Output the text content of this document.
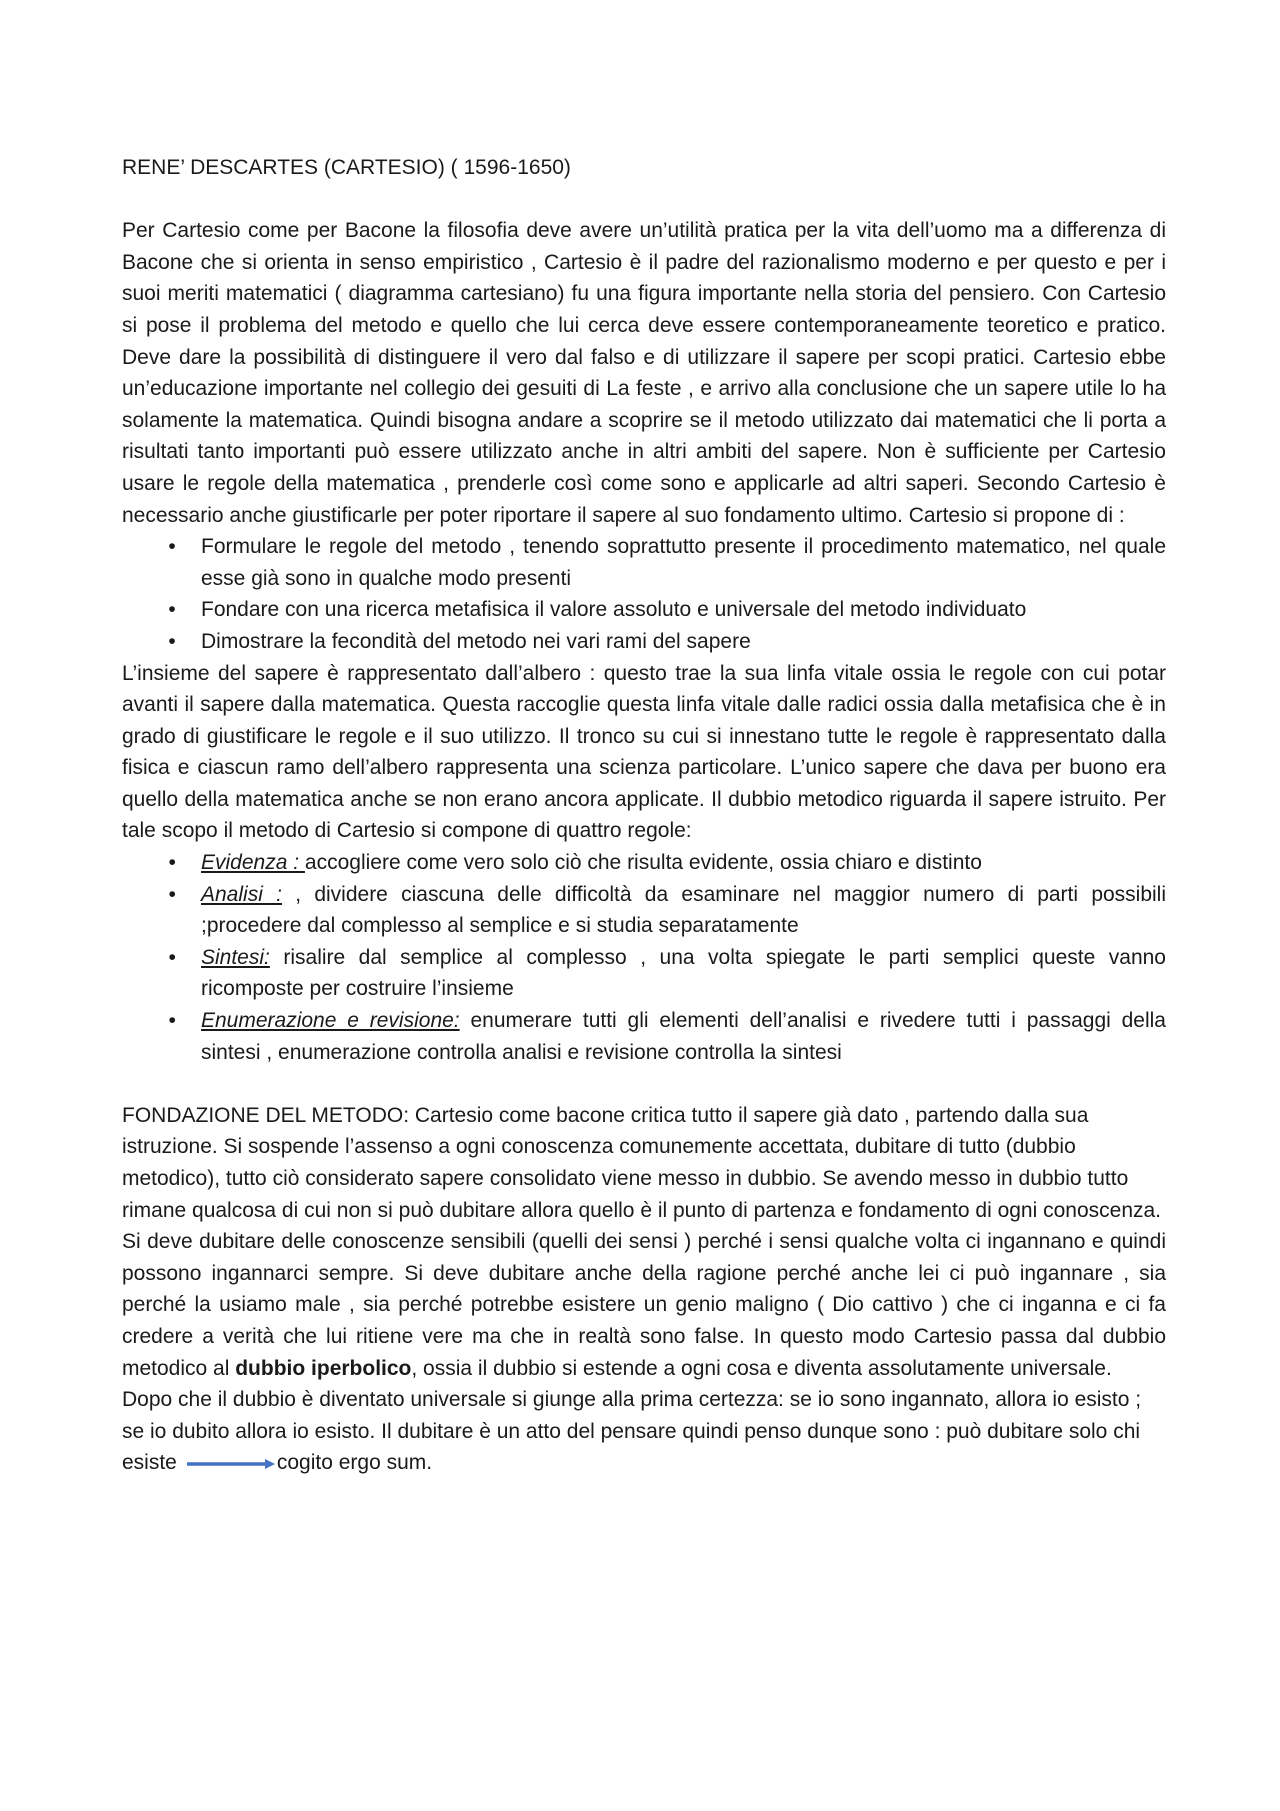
RENE’ DESCARTES (CARTESIO) ( 1596-1650)

Per Cartesio come per Bacone la filosofia deve avere un’utilità pratica per la vita dell’uomo ma a differenza di Bacone che si orienta in senso empiristico , Cartesio è il padre del razionalismo moderno e per questo e per i suoi meriti matematici ( diagramma cartesiano) fu una figura importante nella storia del pensiero. Con Cartesio si pose il problema del metodo e quello che lui cerca deve essere contemporaneamente teoretico e pratico. Deve dare la possibilità di distinguere il vero dal falso e di utilizzare il sapere per scopi pratici. Cartesio ebbe un’educazione importante nel collegio dei gesuiti di La feste , e arrivo alla conclusione che un sapere utile lo ha solamente la matematica. Quindi bisogna andare a scoprire se il metodo utilizzato dai matematici che li porta a risultati tanto importanti può essere utilizzato anche in altri ambiti del sapere. Non è sufficiente per Cartesio usare le regole della matematica , prenderle così come sono e applicarle ad altri saperi. Secondo Cartesio è necessario anche giustificarle per poter riportare il sapere al suo fondamento ultimo. Cartesio si propone di :

•	Formulare le regole del metodo , tenendo soprattutto presente il procedimento matematico, nel quale esse già sono in qualche modo presenti
•	Fondare con una ricerca metafisica il valore assoluto e universale del metodo individuato
•	Dimostrare la fecondità del metodo nei vari rami del sapere

L’insieme del sapere è rappresentato dall’albero : questo trae la sua linfa vitale ossia le regole con cui potar avanti il sapere dalla matematica. Questa raccoglie questa linfa vitale dalle radici ossia dalla metafisica che è in grado di giustificare le regole e il suo utilizzo. Il tronco su cui si innestano tutte le regole è rappresentato dalla fisica e ciascun ramo dell’albero rappresenta una scienza particolare. L’unico sapere che dava per buono era quello della matematica anche se non erano ancora applicate. Il dubbio metodico riguarda il sapere istruito. Per tale scopo il metodo di Cartesio si compone di quattro regole:

•	Evidenza : accogliere come vero solo ciò che risulta evidente, ossia chiaro e distinto
•	Analisi : , dividere ciascuna delle difficoltà da esaminare nel maggior numero di parti possibili ;procedere dal complesso al semplice e si studia separatamente
•	Sintesi: risalire dal semplice al complesso , una volta spiegate le parti semplici queste vanno ricomposte per costruire l’insieme
•	Enumerazione e revisione: enumerare tutti gli elementi dell’analisi e rivedere tutti i passaggi della sintesi , enumerazione controlla analisi e revisione controlla la sintesi

FONDAZIONE DEL METODO: Cartesio come bacone critica tutto il sapere già dato , partendo dalla sua istruzione. Si sospende l’assenso a ogni conoscenza comunemente accettata, dubitare di tutto (dubbio metodico), tutto ciò considerato sapere consolidato viene messo in dubbio. Se avendo messo in dubbio tutto rimane qualcosa di cui non si può dubitare allora quello è il punto di partenza e fondamento di ogni conoscenza.

Si deve dubitare delle conoscenze sensibili (quelli dei sensi ) perché i sensi qualche volta ci ingannano e quindi possono ingannarci sempre. Si deve dubitare anche della ragione perché anche lei ci può ingannare , sia perché la usiamo male , sia perché potrebbe esistere un genio maligno ( Dio cattivo ) che ci inganna e ci fa credere a verità che lui ritiene vere ma che in realtà sono false. In questo modo Cartesio passa dal dubbio metodico al dubbio iperbolico, ossia il dubbio si estende a ogni cosa e diventa assolutamente universale.

Dopo che il dubbio è diventato universale si giunge alla prima certezza: se io sono ingannato, allora io esisto ; se io dubito allora io esisto. Il dubitare è un atto del pensare quindi penso dunque sono : può dubitare solo chi esiste	cogito ergo sum.
